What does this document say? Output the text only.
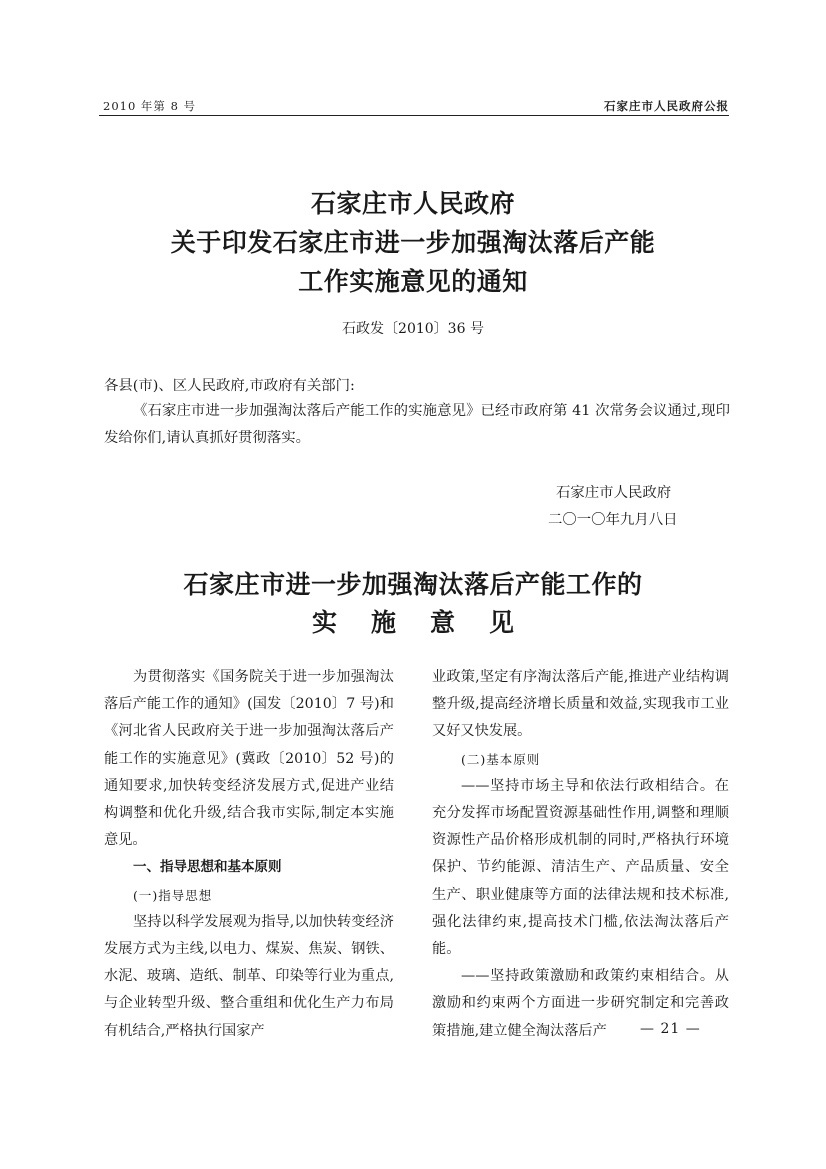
2010 年第 8 号	石家庄市人民政府公报
石家庄市人民政府
关于印发石家庄市进一步加强淘汰落后产能
工作实施意见的通知
石政发〔2010〕36 号
各县(市)、区人民政府,市政府有关部门:
《石家庄市进一步加强淘汰落后产能工作的实施意见》已经市政府第 41 次常务会议通过,现印发给你们,请认真抓好贯彻落实。
石家庄市人民政府
二〇一〇年九月八日
石家庄市进一步加强淘汰落后产能工作的
实施意见

为贯彻落实《国务院关于进一步加强淘汰落后产能工作的通知》(国发〔2010〕7 号)和《河北省人民政府关于进一步加强淘汰落后产能工作的实施意见》(冀政〔2010〕52 号)的通知要求,加快转变经济发展方式,促进产业结构调整和优化升级,结合我市实际,制定本实施意见。

一、指导思想和基本原则

(一)指导思想

坚持以科学发展观为指导,以加快转变经济发展方式为主线,以电力、煤炭、焦炭、钢铁、水泥、玻璃、造纸、制革、印染等行业为重点,与企业转型升级、整合重组和优化生产力布局有机结合,严格执行国家产

业政策,坚定有序淘汰落后产能,推进产业结构调整升级,提高经济增长质量和效益,实现我市工业又好又快发展。

(二)基本原则

——坚持市场主导和依法行政相结合。在充分发挥市场配置资源基础性作用,调整和理顺资源性产品价格形成机制的同时,严格执行环境保护、节约能源、清洁生产、产品质量、安全生产、职业健康等方面的法律法规和技术标准,强化法律约束,提高技术门槛,依法淘汰落后产能。

——坚持政策激励和政策约束相结合。从激励和约束两个方面进一步研究制定和完善政策措施,建立健全淘汰落后产	— 21 —
